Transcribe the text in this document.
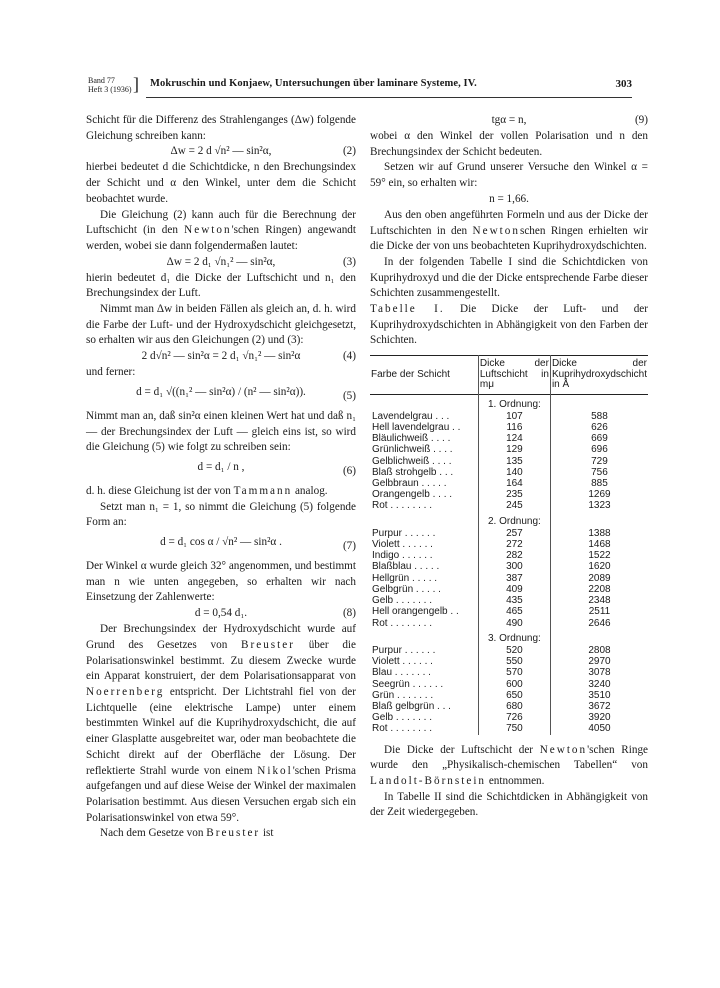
Band 77
Heft 3 (1936) ] Mokruschin und Konjaew, Untersuchungen über laminare Systeme, IV.	303

Schicht für die Differenz des Strahlenganges (Δw) folgende Gleichung schreiben kann:

Δw = 2 d √n² — sin²α,	(2)

hierbei bedeutet d die Schichtdicke, n den Brechungsindex der Schicht und α den Winkel, unter dem die Schicht beobachtet wurde.

Die Gleichung (2) kann auch für die Berechnung der Luftschicht (in den Newton'schen Ringen) angewandt werden, wobei sie dann folgendermaßen lautet:

Δw = 2 d₁ √n₁² — sin²α,	(3)

hierin bedeutet d₁ die Dicke der Luftschicht und n₁ den Brechungsindex der Luft.

Nimmt man Δw in beiden Fällen als gleich an, d. h. wird die Farbe der Luft- und der Hydroxydschicht gleichgesetzt, so erhalten wir aus den Gleichungen (2) und (3):

2 d√n² — sin²α = 2 d₁ √n₁² — sin²α	(4)

und ferner:

d = d₁ √((n₁² — sin²α) / (n² — sin²α)).	(5)

Nimmt man an, daß sin²α einen kleinen Wert hat und daß n₁ — der Brechungsindex der Luft — gleich eins ist, so wird die Gleichung (5) wie folgt zu schreiben sein:

d = d₁ / n ,	(6)

d. h. diese Gleichung ist der von Tammann analog.

Setzt man n₁ = 1, so nimmt die Gleichung (5) folgende Form an:

d = d₁ cos α / √n² — sin²α .	(7)

Der Winkel α wurde gleich 32° angenommen, und bestimmt man n wie unten angegeben, so erhalten wir nach Einsetzung der Zahlenwerte:

d = 0,54 d₁.	(8)

Der Brechungsindex der Hydroxydschicht wurde auf Grund des Gesetzes von Breuster über die Polarisationswinkel bestimmt. Zu diesem Zwecke wurde ein Apparat konstruiert, der dem Polarisationsapparat von Noerrenberg entspricht. Der Lichtstrahl fiel von der Lichtquelle (eine elektrische Lampe) unter einem bestimmten Winkel auf die Kuprihydroxydschicht, die auf einer Glasplatte ausgebreitet war, oder man beobachtete die Schicht direkt auf der Oberfläche der Lösung. Der reflektierte Strahl wurde von einem Nikol'schen Prisma aufgefangen und auf diese Weise der Winkel der maximalen Polarisation bestimmt. Aus diesen Versuchen ergab sich ein Polarisationswinkel von etwa 59°.

Nach dem Gesetze von Breuster ist

tgα = n,	(9)

wobei α den Winkel der vollen Polarisation und n den Brechungsindex der Schicht bedeuten.

Setzen wir auf Grund unserer Versuche den Winkel α = 59° ein, so erhalten wir:

n = 1,66.

Aus den oben angeführten Formeln und aus der Dicke der Luftschichten in den Newtonschen Ringen erhielten wir die Dicke der von uns beobachteten Kuprihydroxydschichten.

In der folgenden Tabelle I sind die Schichtdicken von Kuprihydroxyd und die der Dicke entsprechende Farbe dieser Schichten zusammengestellt.

Tabelle I. Die Dicke der Luft- und der Kuprihydroxydschichten in Abhängigkeit von den Farben der Schichten.

Farbe der Schicht	Dicke der Luftschicht in mμ	Dicke der Kuprihydroxydschicht in Å
	1. Ordnung:	
Lavendelgrau . . .	107	588
Hell lavendelgrau . .	116	626
Bläulichweiß . . . .	124	669
Grünlichweiß . . . .	129	696
Gelblichweiß . . . .	135	729
Blaß strohgelb . . .	140	756
Gelbbraun . . . . .	164	885
Orangengelb . . . .	235	1269
Rot . . . . . . . .	245	1323
	2. Ordnung:	
Purpur . . . . . .	257	1388
Violett . . . . . .	272	1468
Indigo . . . . . .	282	1522
Blaßblau . . . . .	300	1620
Hellgrün . . . . .	387	2089
Gelbgrün . . . . .	409	2208
Gelb . . . . . . .	435	2348
Hell orangengelb . .	465	2511
Rot . . . . . . . .	490	2646
	3. Ordnung:	
Purpur . . . . . .	520	2808
Violett . . . . . .	550	2970
Blau . . . . . . .	570	3078
Seegrün . . . . . .	600	3240
Grün . . . . . . .	650	3510
Blaß gelbgrün . . .	680	3672
Gelb . . . . . . .	726	3920
Rot . . . . . . . .	750	4050

Die Dicke der Luftschicht der Newton'schen Ringe wurde den „Physikalisch-chemischen Tabellen“ von Landolt-Börnstein entnommen.

In Tabelle II sind die Schichtdicken in Abhängigkeit von der Zeit wiedergegeben.
